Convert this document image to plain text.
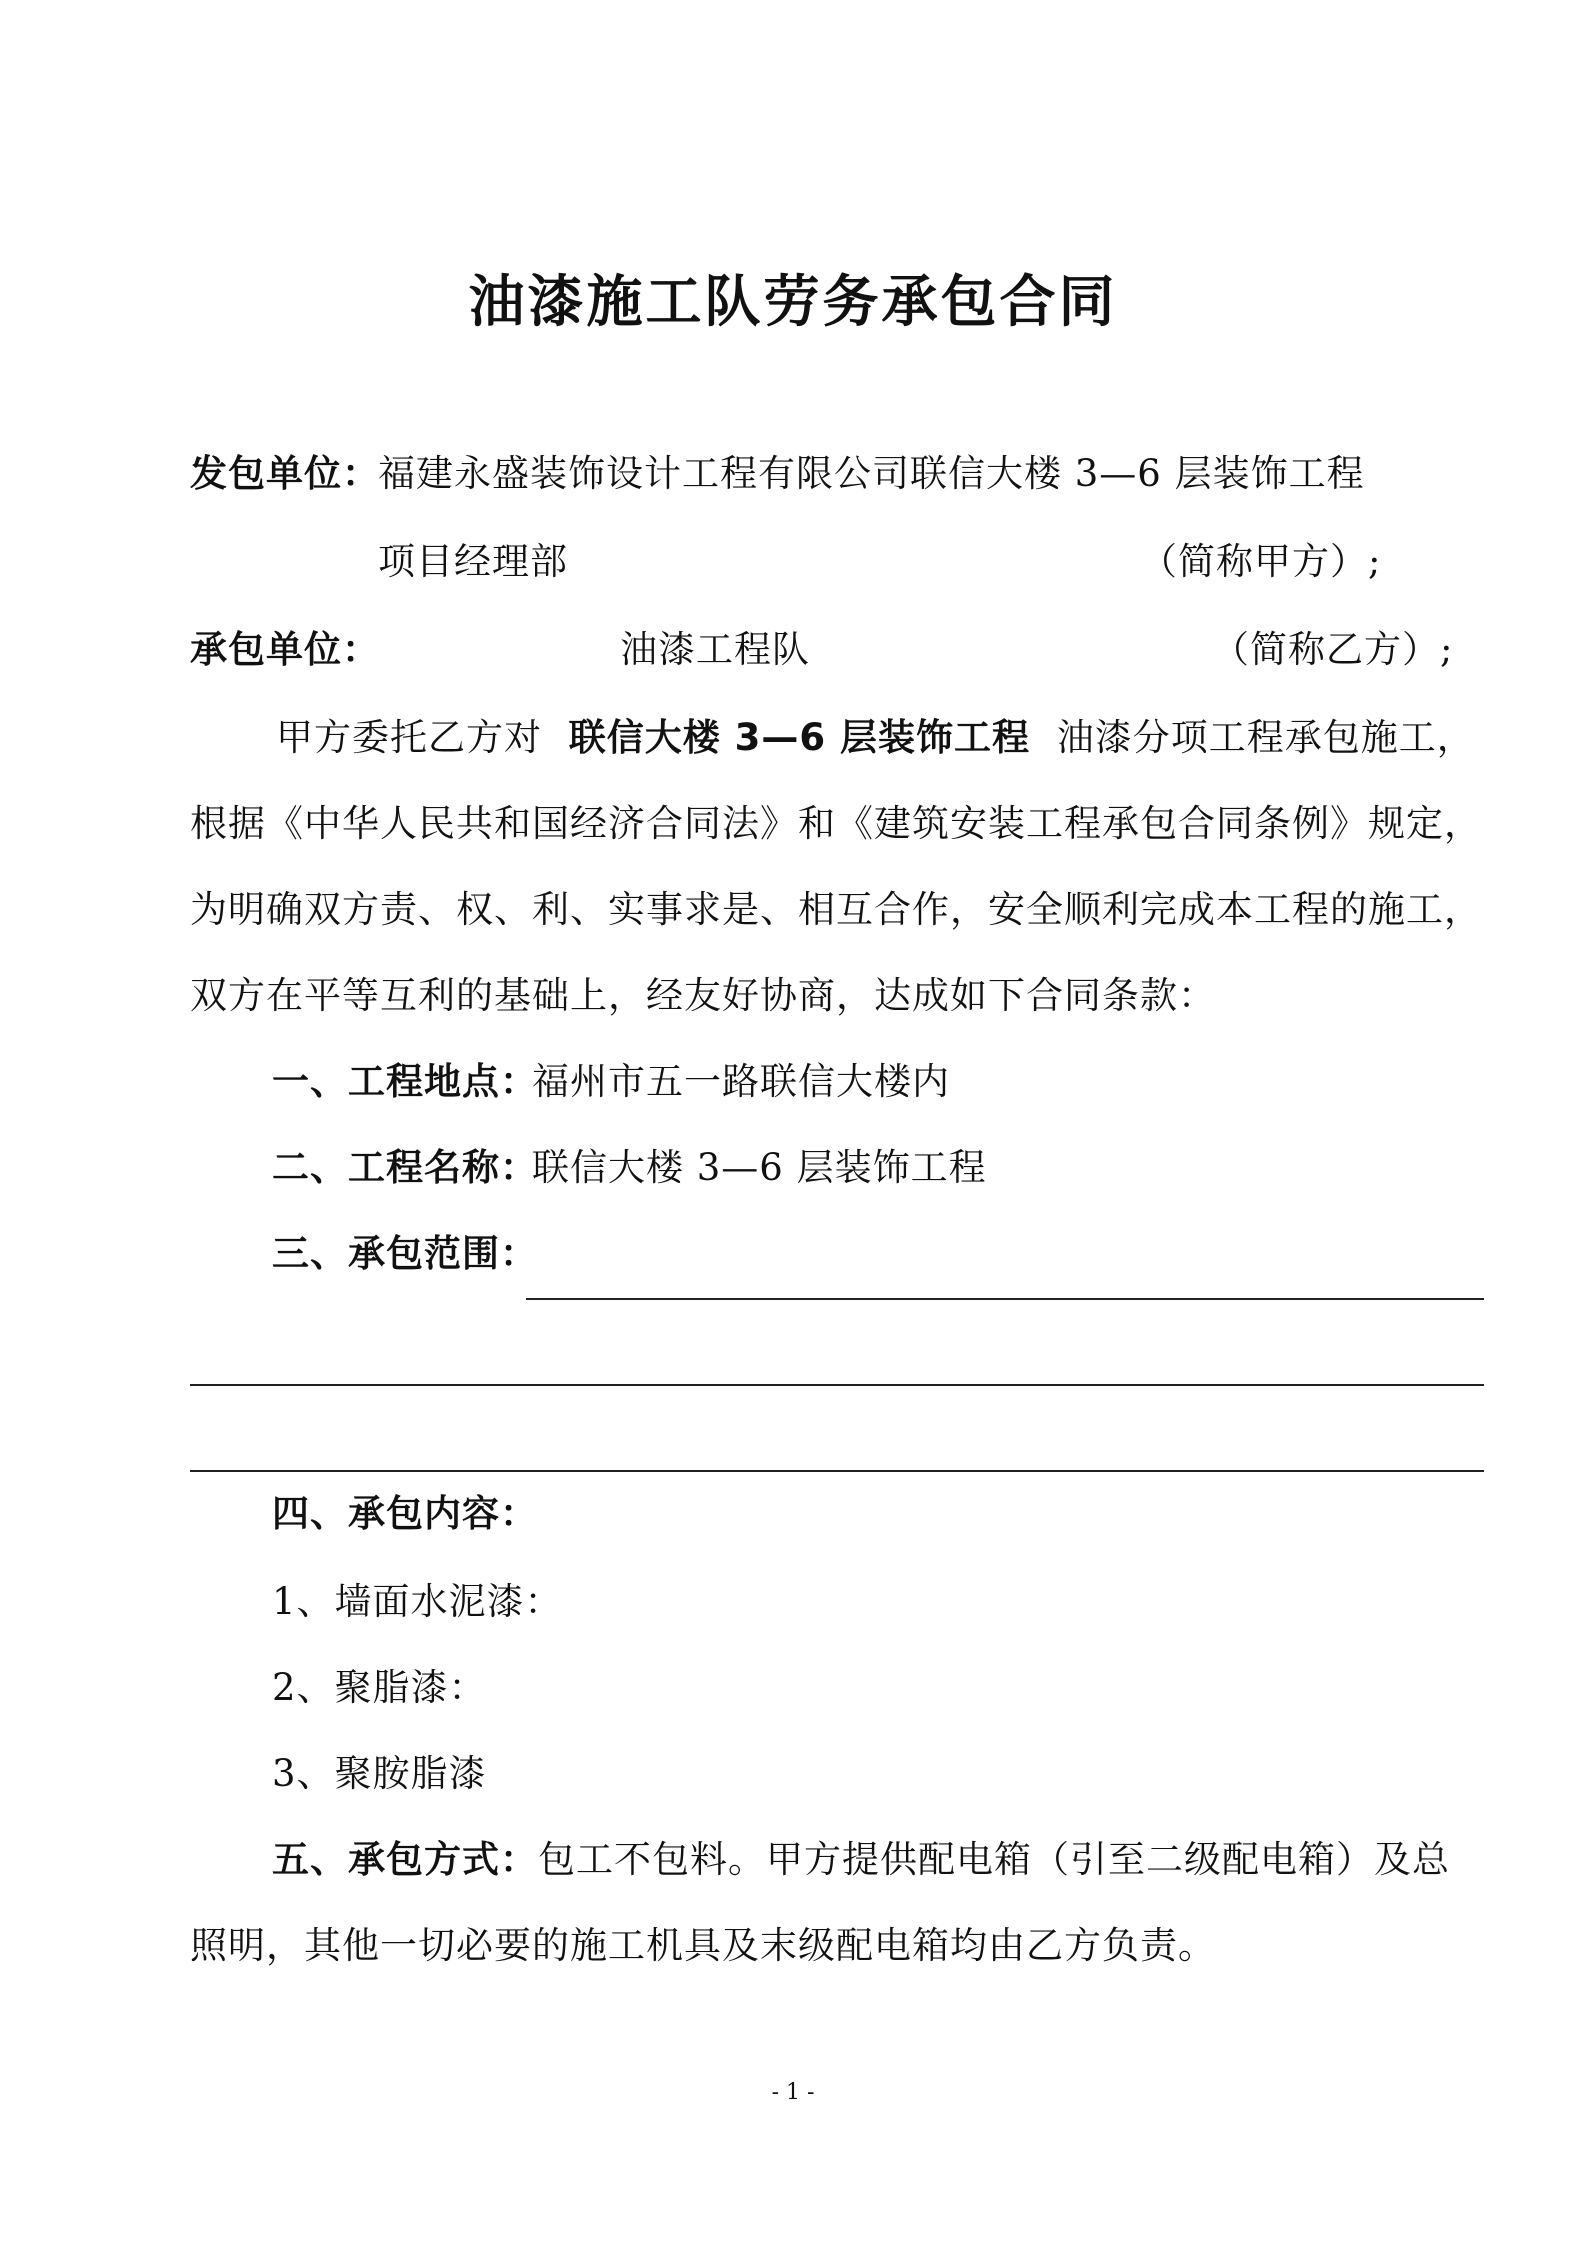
油漆施工队劳务承包合同
发包单位：
福建永盛装饰设计工程有限公司联信大楼 3—6 层装饰工程
项目经理部	（简称甲方）;
承包单位：	油漆工程队	（简称乙方）;
甲方委托乙方对 联信大楼 3—6 层装饰工程 油漆分项工程承包施工，
根据《中华人民共和国经济合同法》和《建筑安装工程承包合同条例》规定，
为明确双方责、权、利、实事求是、相互合作，安全顺利完成本工程的施工，
双方在平等互利的基础上，经友好协商，达成如下合同条款：
一、工程地点：
福州市五一路联信大楼内
二、工程名称：
联信大楼 3—6 层装饰工程
三、承包范围：
四、承包内容：
1、墙面水泥漆：
2、聚脂漆：
3、聚胺脂漆
五、承包方式：包工不包料。甲方提供配电箱（引至二级配电箱）及总
照明，其他一切必要的施工机具及末级配电箱均由乙方负责。
- 1 -
